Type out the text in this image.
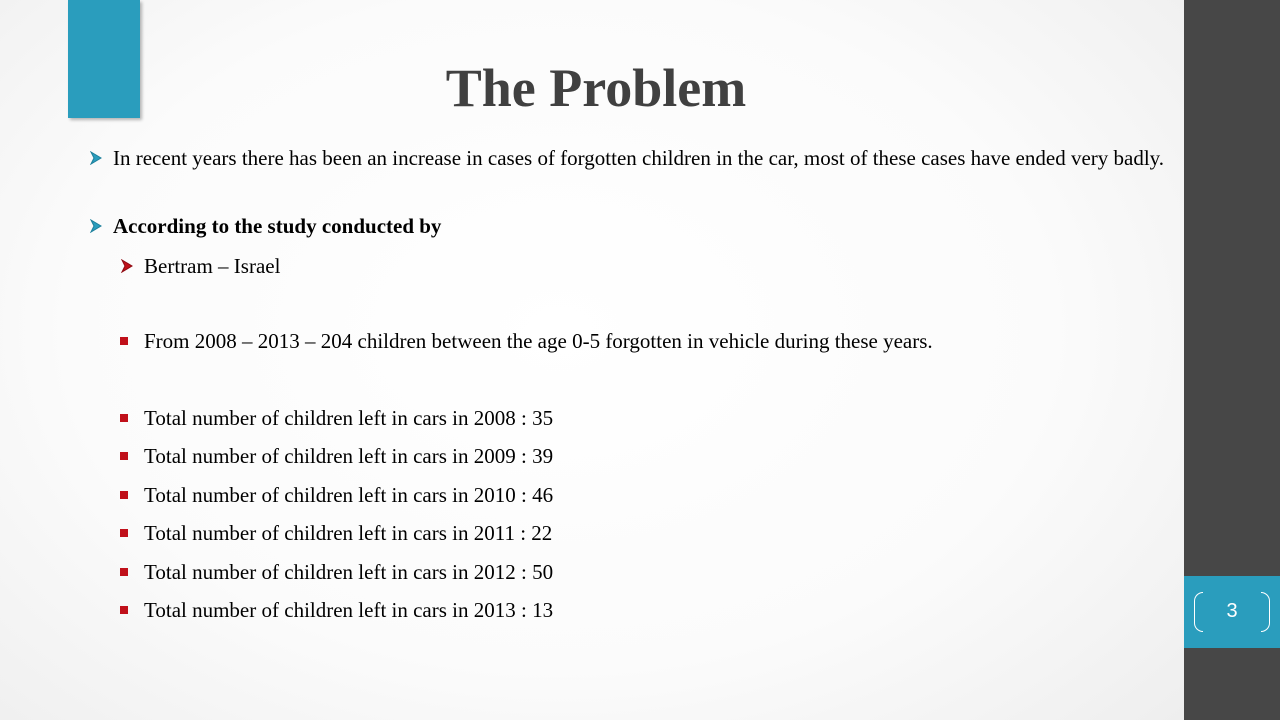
The Problem
In recent years there has been an increase in cases of forgotten children in the car, most of these cases have ended very badly.
According to the study conducted by
Bertram – Israel
From 2008 – 2013 – 204 children between the age 0-5 forgotten in vehicle during these years.
Total number of children left in cars in 2008 : 35
Total number of children left in cars in 2009 : 39
Total number of children left in cars in 2010 : 46
Total number of children left in cars in 2011 : 22
Total number of children left in cars in 2012 : 50
Total number of children left in cars in 2013 : 13	3
